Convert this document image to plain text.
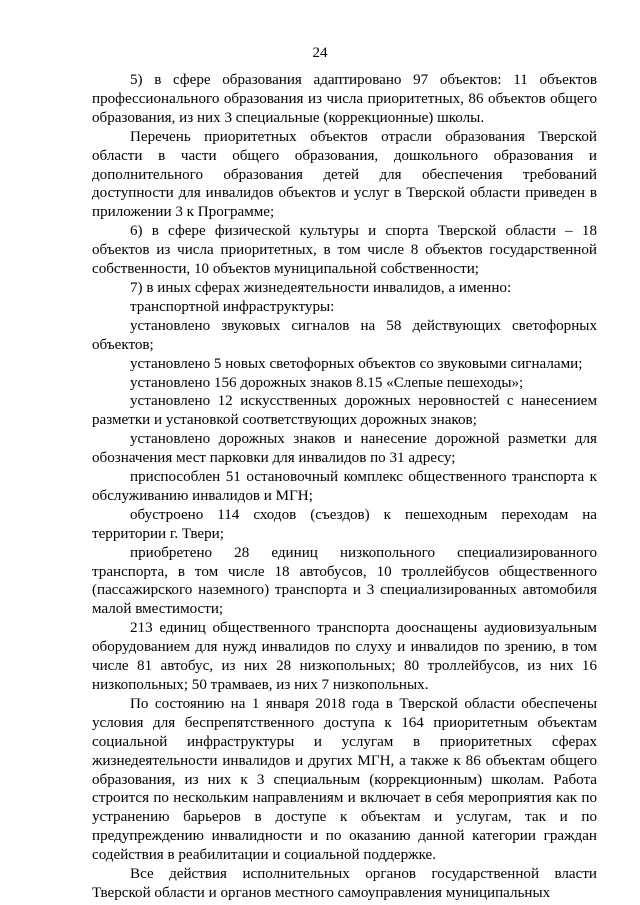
24

5) в сфере образования адаптировано 97 объектов: 11 объектов профессионального образования из числа приоритетных, 86 объектов общего образования, из них 3 специальные (коррекционные) школы.

Перечень приоритетных объектов отрасли образования Тверской области в части общего образования, дошкольного образования и дополнительного образования детей для обеспечения требований доступности для инвалидов объектов и услуг в Тверской области приведен в приложении 3 к Программе;

6) в сфере физической культуры и спорта Тверской области – 18 объектов из числа приоритетных, в том числе 8 объектов государственной собственности, 10 объектов муниципальной собственности;

7) в иных сферах жизнедеятельности инвалидов, а именно:

транспортной инфраструктуры:

установлено звуковых сигналов на 58 действующих светофорных объектов;

установлено 5 новых светофорных объектов со звуковыми сигналами;

установлено 156 дорожных знаков 8.15 «Слепые пешеходы»;

установлено 12 искусственных дорожных неровностей с нанесением разметки и установкой соответствующих дорожных знаков;

установлено дорожных знаков и нанесение дорожной разметки для обозначения мест парковки для инвалидов по 31 адресу;

приспособлен 51 остановочный комплекс общественного транспорта к обслуживанию инвалидов и МГН;

обустроено 114 сходов (съездов) к пешеходным переходам на территории г. Твери;

приобретено 28 единиц низкопольного специализированного транспорта, в том числе 18 автобусов, 10 троллейбусов общественного (пассажирского наземного) транспорта и 3 специализированных автомобиля малой вместимости;

213 единиц общественного транспорта дооснащены аудиовизуальным оборудованием для нужд инвалидов по слуху и инвалидов по зрению, в том числе 81 автобус, из них 28 низкопольных; 80 троллейбусов, из них 16 низкопольных; 50 трамваев, из них 7 низкопольных.

По состоянию на 1 января 2018 года в Тверской области обеспечены условия для беспрепятственного доступа к 164 приоритетным объектам социальной инфраструктуры и услугам в приоритетных сферах жизнедеятельности инвалидов и других МГН, а также к 86 объектам общего образования, из них к 3 специальным (коррекционным) школам. Работа строится по нескольким направлениям и включает в себя мероприятия как по устранению барьеров в доступе к объектам и услугам, так и по предупреждению инвалидности и по оказанию данной категории граждан содействия в реабилитации и социальной поддержке.

Все действия исполнительных органов государственной власти Тверской области и органов местного самоуправления муниципальных
